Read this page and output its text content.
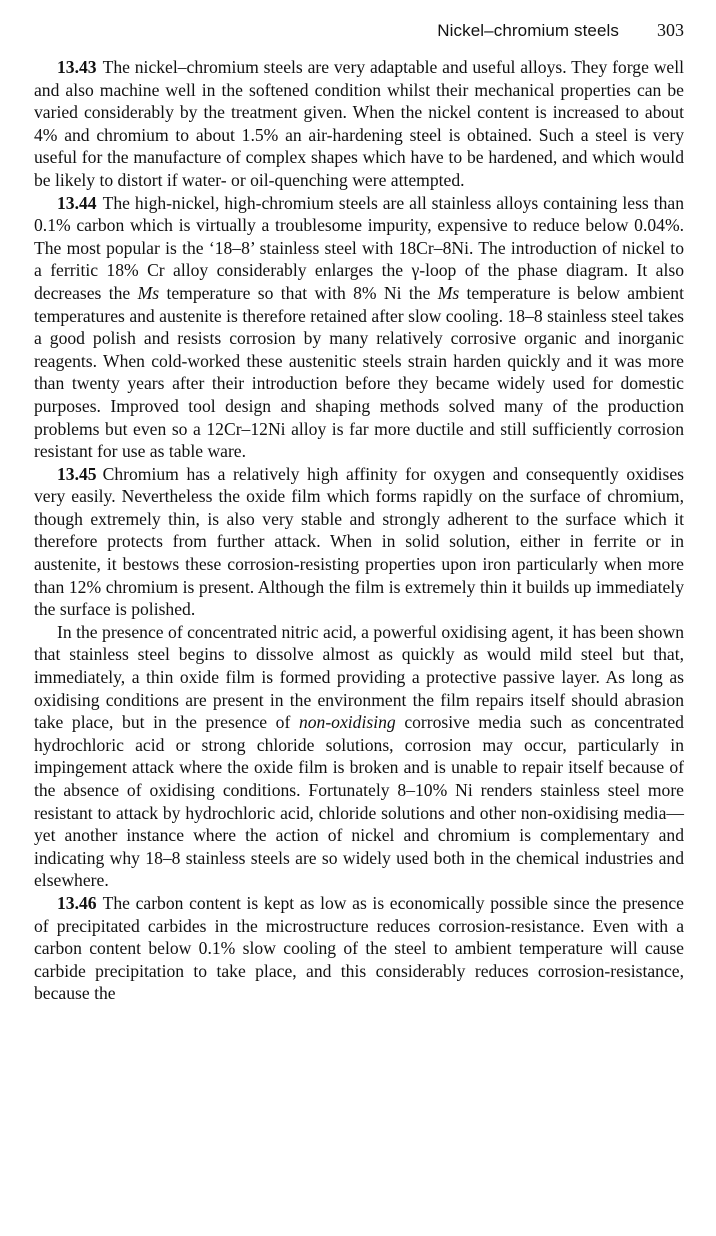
Nickel–chromium steels 303

13.43 The nickel–chromium steels are very adaptable and useful alloys. They forge well and also machine well in the softened condition whilst their mechanical properties can be varied considerably by the treatment given. When the nickel content is increased to about 4% and chromium to about 1.5% an air-hardening steel is obtained. Such a steel is very useful for the manufacture of complex shapes which have to be hardened, and which would be likely to distort if water- or oil-quenching were attempted.

13.44 The high-nickel, high-chromium steels are all stainless alloys containing less than 0.1% carbon which is virtually a troublesome impurity, expensive to reduce below 0.04%. The most popular is the ‘18–8’ stainless steel with 18Cr–8Ni. The introduction of nickel to a ferritic 18% Cr alloy considerably enlarges the γ-loop of the phase diagram. It also decreases the Ms temperature so that with 8% Ni the Ms temperature is below ambient temperatures and austenite is therefore retained after slow cooling. 18–8 stainless steel takes a good polish and resists corrosion by many relatively corrosive organic and inorganic reagents. When cold-worked these austenitic steels strain harden quickly and it was more than twenty years after their introduction before they became widely used for domestic purposes. Improved tool design and shaping methods solved many of the production problems but even so a 12Cr–12Ni alloy is far more ductile and still sufficiently corrosion resistant for use as table ware.

13.45 Chromium has a relatively high affinity for oxygen and consequently oxidises very easily. Nevertheless the oxide film which forms rapidly on the surface of chromium, though extremely thin, is also very stable and strongly adherent to the surface which it therefore protects from further attack. When in solid solution, either in ferrite or in austenite, it bestows these corrosion-resisting properties upon iron particularly when more than 12% chromium is present. Although the film is extremely thin it builds up immediately the surface is polished.

In the presence of concentrated nitric acid, a powerful oxidising agent, it has been shown that stainless steel begins to dissolve almost as quickly as would mild steel but that, immediately, a thin oxide film is formed providing a protective passive layer. As long as oxidising conditions are present in the environment the film repairs itself should abrasion take place, but in the presence of non-oxidising corrosive media such as concentrated hydrochloric acid or strong chloride solutions, corrosion may occur, particularly in impingement attack where the oxide film is broken and is unable to repair itself because of the absence of oxidising conditions. Fortunately 8–10% Ni renders stainless steel more resistant to attack by hydrochloric acid, chloride solutions and other non-oxidising media—yet another instance where the action of nickel and chromium is complementary and indicating why 18–8 stainless steels are so widely used both in the chemical industries and elsewhere.

13.46 The carbon content is kept as low as is economically possible since the presence of precipitated carbides in the microstructure reduces corrosion-resistance. Even with a carbon content below 0.1% slow cooling of the steel to ambient temperature will cause carbide precipitation to take place, and this considerably reduces corrosion-resistance, because the
